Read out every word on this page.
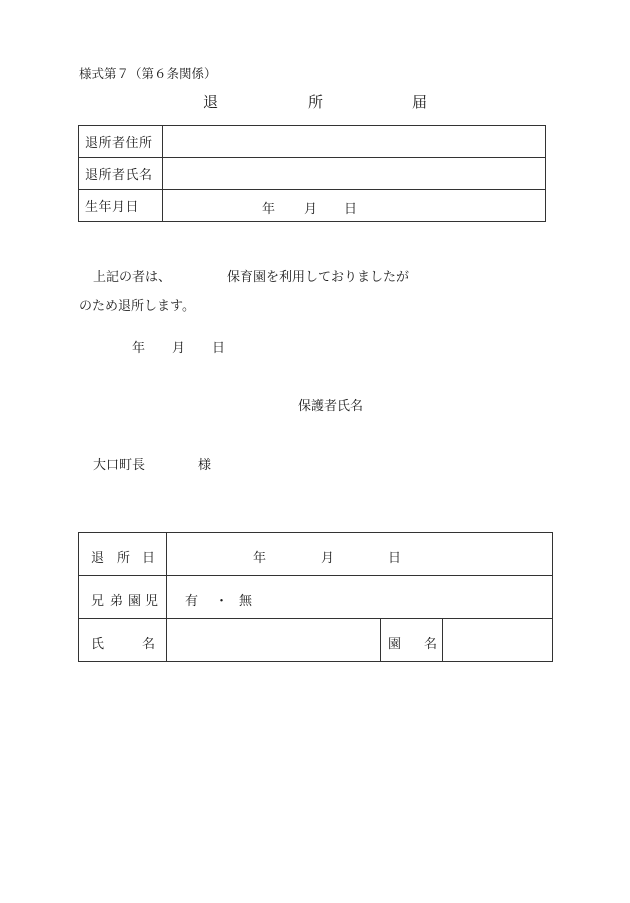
様式第７（第６条関係）
退	所	届
退所者住所	
退所者氏名	
生年月日	年 月 日
上記の者は、	保育園を利用しておりましたが
のため退所します。
年 月 日
保護者氏名
大口町長	様
退 所 日	年 月 日		

兄 弟 園 児	有 ・ 無		

氏 名		園 名	
